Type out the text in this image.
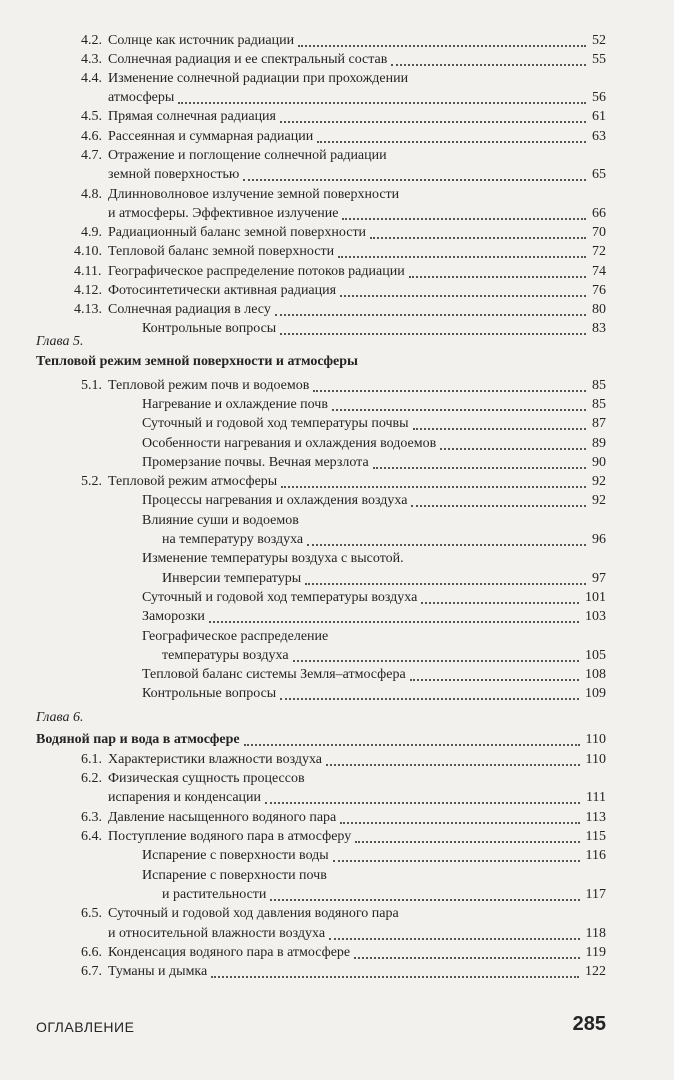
Глава 5.
Тепловой режим земной поверхности и атмосферы
Глава 6.
4.2. Солнце как источник радиации	52
4.3. Солнечная радиация и ее спектральный состав	55
4.4. Изменение солнечной радиации при прохождении
атмосферы	56
4.5. Прямая солнечная радиация	61
4.6. Рассеянная и суммарная радиации	63
4.7. Отражение и поглощение солнечной радиации
земной поверхностью	65
4.8. Длинноволновое излучение земной поверхности
и атмосферы. Эффективное излучение	66
4.9. Радиационный баланс земной поверхности	70
4.10. Тепловой баланс земной поверхности	72
4.11. Географическое распределение потоков радиации	74
4.12. Фотосинтетически активная радиация	76
4.13. Солнечная радиация в лесу	80
Контрольные вопросы	83
5.1. Тепловой режим почв и водоемов	85
Нагревание и охлаждение почв	85
Суточный и годовой ход температуры почвы	87
Особенности нагревания и охлаждения водоемов	89
Промерзание почвы. Вечная мерзлота	90
5.2. Тепловой режим атмосферы	92
Процессы нагревания и охлаждения воздуха	92
Влияние суши и водоемов
на температуру воздуха	96
Изменение температуры воздуха с высотой.
Инверсии температуры	97
Суточный и годовой ход температуры воздуха	101
Заморозки	103
Географическое распределение
температуры воздуха	105
Тепловой баланс системы Земля–атмосфера	108
Контрольные вопросы	109
Водяной пар и вода в атмосфере	110
6.1. Характеристики влажности воздуха	110
6.2. Физическая сущность процессов
испарения и конденсации	111
6.3. Давление насыщенного водяного пара	113
6.4. Поступление водяного пара в атмосферу	115
Испарение с поверхности воды	116
Испарение с поверхности почв
и растительности	117
6.5. Суточный и годовой ход давления водяного пара
и относительной влажности воздуха	118
6.6. Конденсация водяного пара в атмосфере	119
6.7. Туманы и дымка	122
ОГЛАВЛЕНИЕ	285
